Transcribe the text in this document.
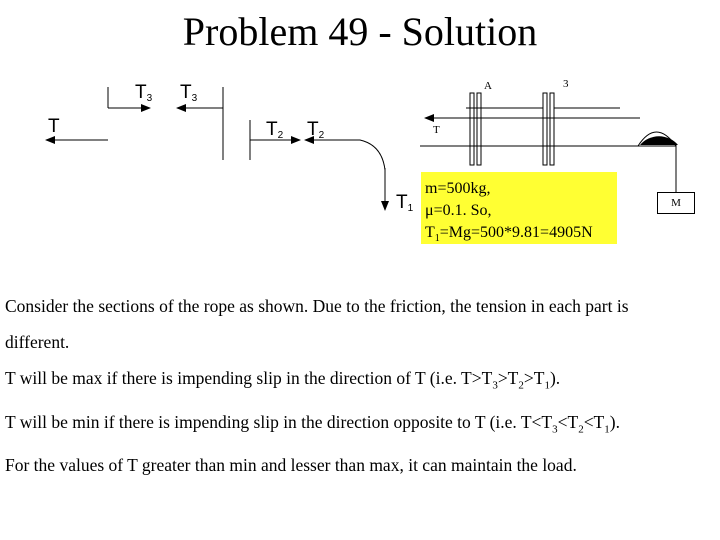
Problem 49 - Solution
$T_3$ $T_3$
T	$T_2$ $T_2$
$T_1$
A	3
T
M
m=500kg,
μ=0.1. So,
$T_1=Mg=500*9.81=4905N$

Consider the sections of the rope as shown. Due to the friction, the tension in each part is

different.

T will be max if there is impending slip in the direction of T (i.e. $T>T_3>T_2>T_1$).

T will be min if there is impending slip in the direction opposite to T (i.e. $T<T_3<T_2<T_1$).

For the values of T greater than min and lesser than max, it can maintain the load.
